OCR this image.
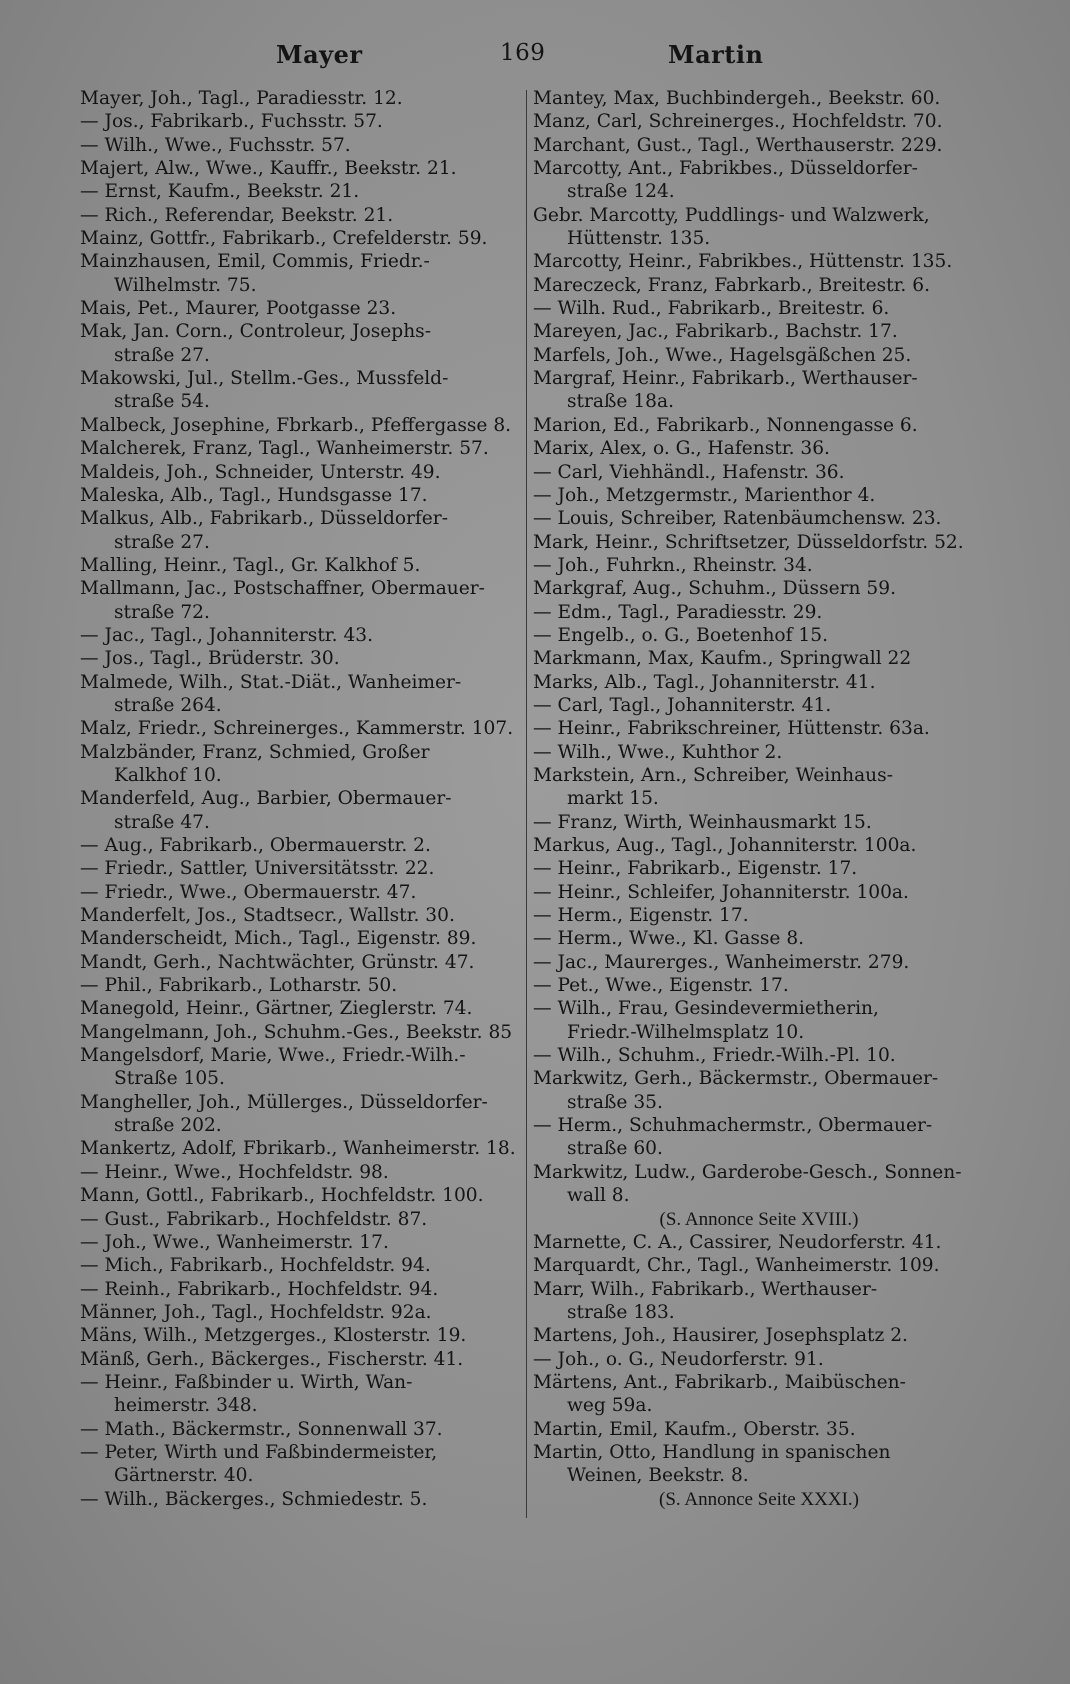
Mayer	169	Martin
Mayer, Joh., Tagl., Paradiesstr. 12.
— Jos., Fabrikarb., Fuchsstr. 57.
— Wilh., Wwe., Fuchsstr. 57.
Majert, Alw., Wwe., Kauffr., Beekstr. 21.
— Ernst, Kaufm., Beekstr. 21.
— Rich., Referendar, Beekstr. 21.
Mainz, Gottfr., Fabrikarb., Crefelderstr. 59.
Mainzhausen, Emil, Commis, Friedr.-
Wilhelmstr. 75.
Mais, Pet., Maurer, Pootgasse 23.
Mak, Jan. Corn., Controleur, Josephs-
straße 27.
Makowski, Jul., Stellm.-Ges., Mussfeld-
straße 54.
Malbeck, Josephine, Fbrkarb., Pfeffergasse 8.
Malcherek, Franz, Tagl., Wanheimerstr. 57.
Maldeis, Joh., Schneider, Unterstr. 49.
Maleska, Alb., Tagl., Hundsgasse 17.
Malkus, Alb., Fabrikarb., Düsseldorfer-
straße 27.
Malling, Heinr., Tagl., Gr. Kalkhof 5.
Mallmann, Jac., Postschaffner, Obermauer-
straße 72.
— Jac., Tagl., Johanniterstr. 43.
— Jos., Tagl., Brüderstr. 30.
Malmede, Wilh., Stat.-Diät., Wanheimer-
straße 264.
Malz, Friedr., Schreinerges., Kammerstr. 107.
Malzbänder, Franz, Schmied, Großer
Kalkhof 10.
Manderfeld, Aug., Barbier, Obermauer-
straße 47.
— Aug., Fabrikarb., Obermauerstr. 2.
— Friedr., Sattler, Universitätsstr. 22.
— Friedr., Wwe., Obermauerstr. 47.
Manderfelt, Jos., Stadtsecr., Wallstr. 30.
Manderscheidt, Mich., Tagl., Eigenstr. 89.
Mandt, Gerh., Nachtwächter, Grünstr. 47.
— Phil., Fabrikarb., Lotharstr. 50.
Manegold, Heinr., Gärtner, Zieglerstr. 74.
Mangelmann, Joh., Schuhm.-Ges., Beekstr. 85
Mangelsdorf, Marie, Wwe., Friedr.-Wilh.-
Straße 105.
Mangheller, Joh., Müllerges., Düsseldorfer-
straße 202.
Mankertz, Adolf, Fbrikarb., Wanheimerstr. 18.
— Heinr., Wwe., Hochfeldstr. 98.
Mann, Gottl., Fabrikarb., Hochfeldstr. 100.
— Gust., Fabrikarb., Hochfeldstr. 87.
— Joh., Wwe., Wanheimerstr. 17.
— Mich., Fabrikarb., Hochfeldstr. 94.
— Reinh., Fabrikarb., Hochfeldstr. 94.
Männer, Joh., Tagl., Hochfeldstr. 92a.
Mäns, Wilh., Metzgerges., Klosterstr. 19.
Mänß, Gerh., Bäckerges., Fischerstr. 41.
— Heinr., Faßbinder u. Wirth, Wan-
heimerstr. 348.
— Math., Bäckermstr., Sonnenwall 37.
— Peter, Wirth und Faßbindermeister,
Gärtnerstr. 40.
— Wilh., Bäckerges., Schmiedestr. 5.
Mantey, Max, Buchbindergeh., Beekstr. 60.
Manz, Carl, Schreinerges., Hochfeldstr. 70.
Marchant, Gust., Tagl., Werthauserstr. 229.
Marcotty, Ant., Fabrikbes., Düsseldorfer-
straße 124.
Gebr. Marcotty, Puddlings- und Walzwerk,
Hüttenstr. 135.
Marcotty, Heinr., Fabrikbes., Hüttenstr. 135.
Mareczeck, Franz, Fabrkarb., Breitestr. 6.
— Wilh. Rud., Fabrikarb., Breitestr. 6.
Mareyen, Jac., Fabrikarb., Bachstr. 17.
Marfels, Joh., Wwe., Hagelsgäßchen 25.
Margraf, Heinr., Fabrikarb., Werthauser-
straße 18a.
Marion, Ed., Fabrikarb., Nonnengasse 6.
Marix, Alex, o. G., Hafenstr. 36.
— Carl, Viehhändl., Hafenstr. 36.
— Joh., Metzgermstr., Marienthor 4.
— Louis, Schreiber, Ratenbäumchensw. 23.
Mark, Heinr., Schriftsetzer, Düsseldorfstr. 52.
— Joh., Fuhrkn., Rheinstr. 34.
Markgraf, Aug., Schuhm., Düssern 59.
— Edm., Tagl., Paradiesstr. 29.
— Engelb., o. G., Boetenhof 15.
Markmann, Max, Kaufm., Springwall 22
Marks, Alb., Tagl., Johanniterstr. 41.
— Carl, Tagl., Johanniterstr. 41.
— Heinr., Fabrikschreiner, Hüttenstr. 63a.
— Wilh., Wwe., Kuhthor 2.
Markstein, Arn., Schreiber, Weinhaus-
markt 15.
— Franz, Wirth, Weinhausmarkt 15.
Markus, Aug., Tagl., Johanniterstr. 100a.
— Heinr., Fabrikarb., Eigenstr. 17.
— Heinr., Schleifer, Johanniterstr. 100a.
— Herm., Eigenstr. 17.
— Herm., Wwe., Kl. Gasse 8.
— Jac., Maurerges., Wanheimerstr. 279.
— Pet., Wwe., Eigenstr. 17.
— Wilh., Frau, Gesindevermietherin,
Friedr.-Wilhelmsplatz 10.
— Wilh., Schuhm., Friedr.-Wilh.-Pl. 10.
Markwitz, Gerh., Bäckermstr., Obermauer-
straße 35.
— Herm., Schuhmachermstr., Obermauer-
straße 60.
Markwitz, Ludw., Garderobe-Gesch., Sonnen-
wall 8.
(S. Annonce Seite XVIII.)
Marnette, C. A., Cassirer, Neudorferstr. 41.
Marquardt, Chr., Tagl., Wanheimerstr. 109.
Marr, Wilh., Fabrikarb., Werthauser-
straße 183.
Martens, Joh., Hausirer, Josephsplatz 2.
— Joh., o. G., Neudorferstr. 91.
Märtens, Ant., Fabrikarb., Maibüschen-
weg 59a.
Martin, Emil, Kaufm., Oberstr. 35.
Martin, Otto, Handlung in spanischen
Weinen, Beekstr. 8.
(S. Annonce Seite XXXI.)
